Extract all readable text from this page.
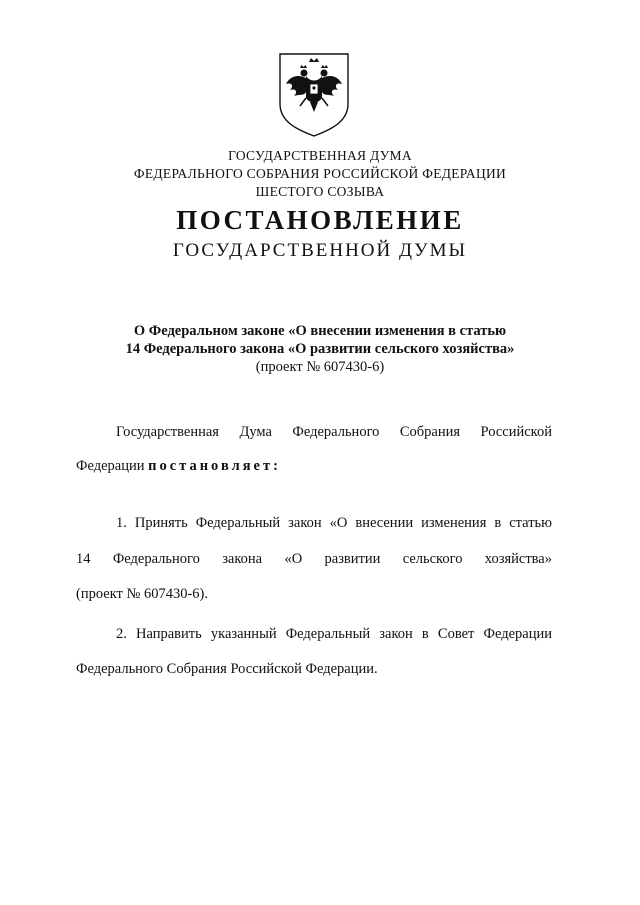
ГОСУДАРСТВЕННАЯ ДУМА
ФЕДЕРАЛЬНОГО СОБРАНИЯ РОССИЙСКОЙ ФЕДЕРАЦИИ
ШЕСТОГО СОЗЫВА
ПОСТАНОВЛЕНИЕ
ГОСУДАРСТВЕННОЙ ДУМЫ
О Федеральном законе «О внесении изменения в статью
14 Федерального закона «О развитии сельского хозяйства»
(проект № 607430-6)
Государственная Дума Федерального Собрания Российской
Федерации постановляет:
1. Принять Федеральный закон «О внесении изменения в статью
14 Федерального закона «О развитии сельского хозяйства»
(проект № 607430-6).
2. Направить указанный Федеральный закон в Совет Федерации
Федерального Собрания Российской Федерации.
